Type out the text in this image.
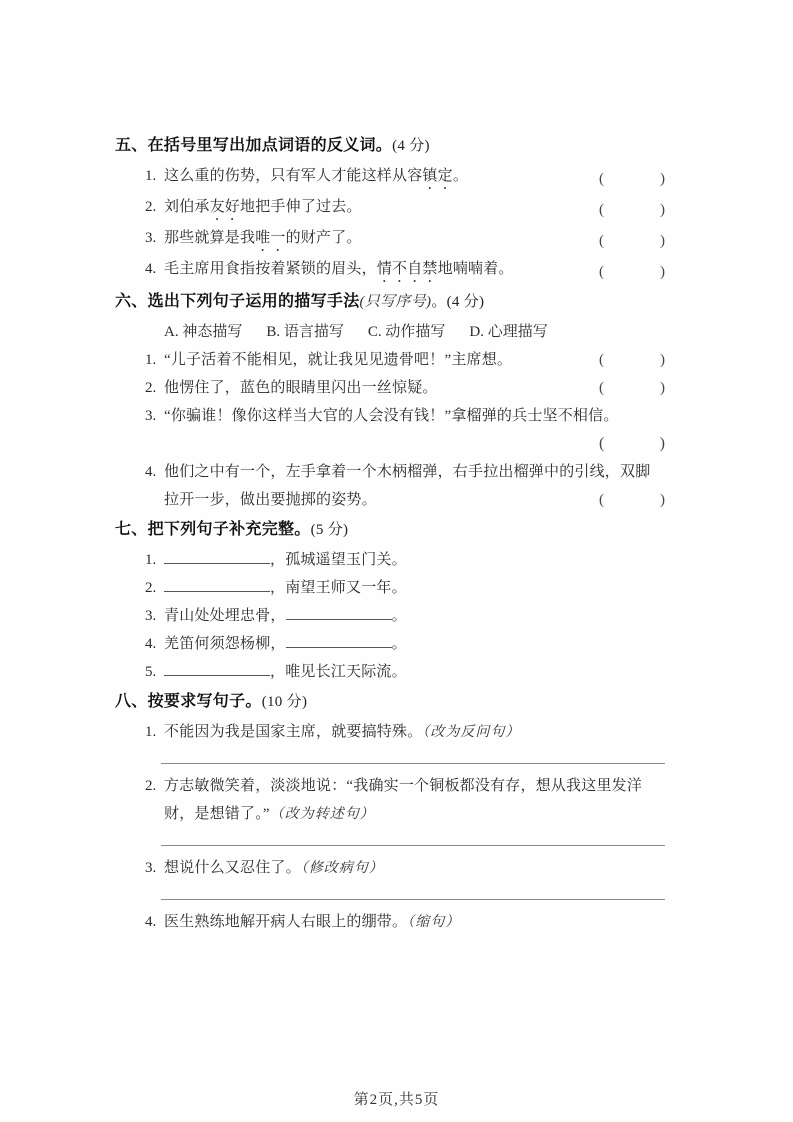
五、在括号里写出加点词语的反义词。(4 分)
1. 这么重的伤势，只有军人才能这样从容镇定。	(	)
2. 刘伯承友好地把手伸了过去。	(	)
3. 那些就算是我唯一的财产了。	(	)
4. 毛主席用食指按着紧锁的眉头，情不自禁地喃喃着。	(	)
六、选出下列句子运用的描写手法(只写序号)。(4 分)
A. 神态描写 B. 语言描写 C. 动作描写 D. 心理描写
1. “儿子活着不能相见，就让我见见遗骨吧！”主席想。	(	)
2. 他愣住了，蓝色的眼睛里闪出一丝惊疑。	(	)
3. “你骗谁！像你这样当大官的人会没有钱！”拿榴弹的兵士坚不相信。
(	)
4. 他们之中有一个，左手拿着一个木柄榴弹，右手拉出榴弹中的引线，双脚拉开一步，做出要抛掷的姿势。	(	)
七、把下列句子补充完整。(5 分)
1.	，孤城遥望玉门关。
2.	，南望王师又一年。
3. 青山处处埋忠骨，	。
4. 羌笛何须怨杨柳，	。
5.	，唯见长江天际流。
八、按要求写句子。(10 分)
1. 不能因为我是国家主席，就要搞特殊。（改为反问句）
2. 方志敏微笑着，淡淡地说：“我确实一个铜板都没有存，想从我这里发洋财，是想错了。”（改为转述句）
3. 想说什么又忍住了。（修改病句）
4. 医生熟练地解开病人右眼上的绷带。（缩句）
第2页,共5页
